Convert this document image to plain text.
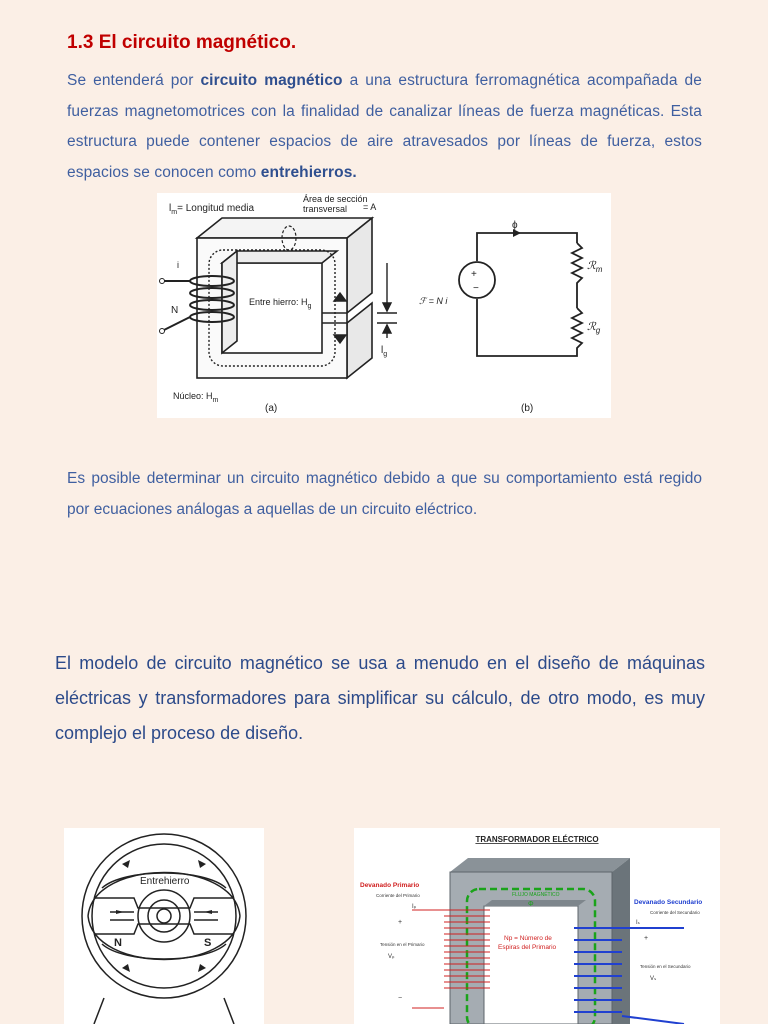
1.3 El circuito magnético.
Se entenderá por circuito magnético a una estructura ferromagnética acompañada de fuerzas magnetomotrices con la finalidad de canalizar líneas de fuerza magnéticas. Esta estructura puede contener espacios de aire atravesados por líneas de fuerza, estos espacios se conocen como entrehierros.
$l_m=$ Longitud media
Área de sección
transversal = A
i
N
Entre hierro: $H_g$
$l_g$
Núcleo: $H_m$
(a)
+
−
ϕ
ℱ = N i
ℛ$_m$
ℛ$_g$
(b)
Es posible determinar un circuito magnético debido a que su comportamiento está regido por ecuaciones análogas a aquellas de un circuito eléctrico.
El modelo de circuito magnético se usa a menudo en el diseño de máquinas eléctricas y transformadores para simplificar su cálculo, de otro modo, es muy complejo el proceso de diseño.
Entrehierro
N	S
TRANSFORMADOR ELÉCTRICO
FLUJO MAGNÉTICO
Φ
Np = Número de
Espiras del Primario
Devanado Primario
Corriente del Primario
Iₚ
+
Tensión en el Primario
Vₚ
−
Devanado Secundario
Corriente del Secundario
Iₛ
+
Tensión en el Secundario
Vₛ
